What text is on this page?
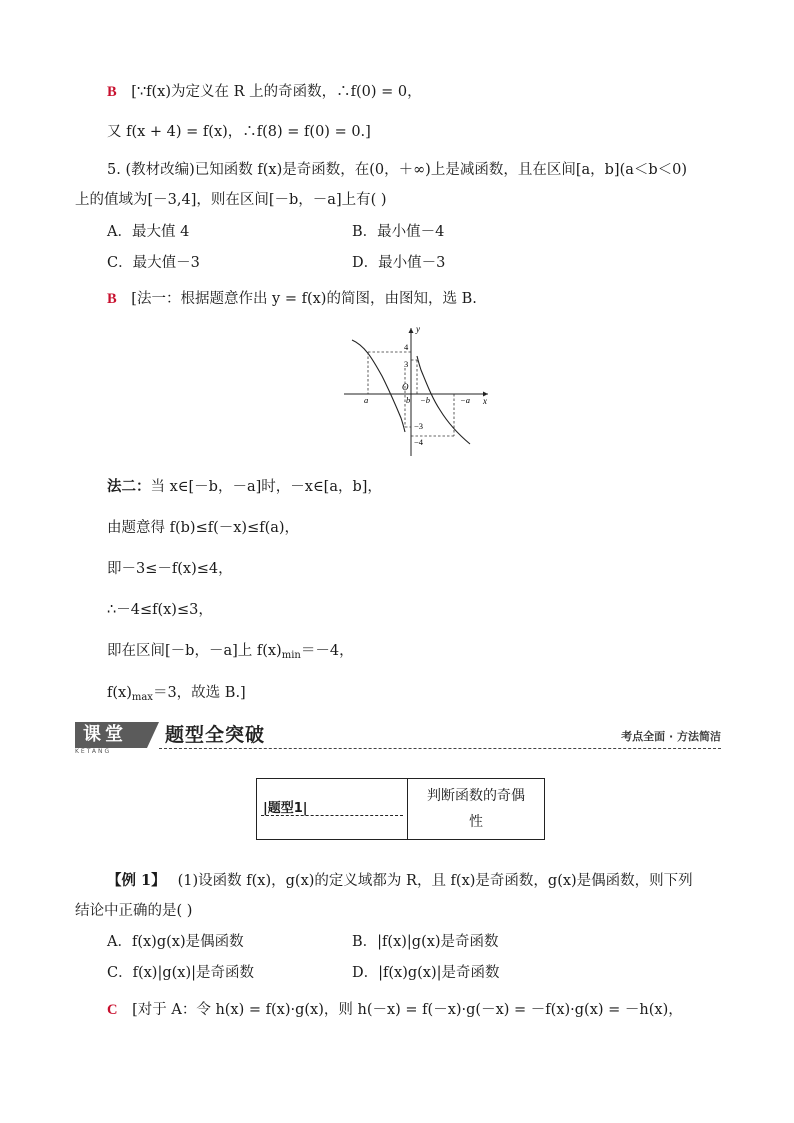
B [∵f(x)为定义在 R 上的奇函数，∴f(0) = 0，
又 f(x + 4) = f(x)，∴f(8) = f(0) = 0.]
5. (教材改编)已知函数 f(x)是奇函数，在(0，＋∞)上是减函数，且在区间[a，b](a＜b＜0)
上的值域为[－3,4]，则在区间[－b，－a]上有( )
A．最大值 4	B．最小值－4
C．最大值－3	D．最小值－3
B [法一：根据题意作出 y = f(x)的简图，由图知，选 B.
y
x
O
4
3
−3
−4
a	b −b	−a
法二：当 x∈[－b，－a]时，－x∈[a，b]，
由题意得 f(b)≤f(－x)≤f(a)，
即－3≤－f(x)≤4，
∴－4≤f(x)≤3，
即在区间[－b，－a]上 $f(x)_{min}=-4$，
$f(x)_{max}=3$，故选 B.]
课堂
KETANG
题型全突破	考点全面 · 方法简洁
|题型1|
判断函数的奇偶性
【例 1】 (1)设函数 f(x)，g(x)的定义域都为 R，且 f(x)是奇函数，g(x)是偶函数，则下列
结论中正确的是( )
A．f(x)g(x)是偶函数	B．|f(x)|g(x)是奇函数
C．f(x)|g(x)|是奇函数	D．|f(x)g(x)|是奇函数
C [对于 A：令 h(x) = f(x)·g(x)，则 h(－x) = f(－x)·g(－x) = －f(x)·g(x) = －h(x)，
